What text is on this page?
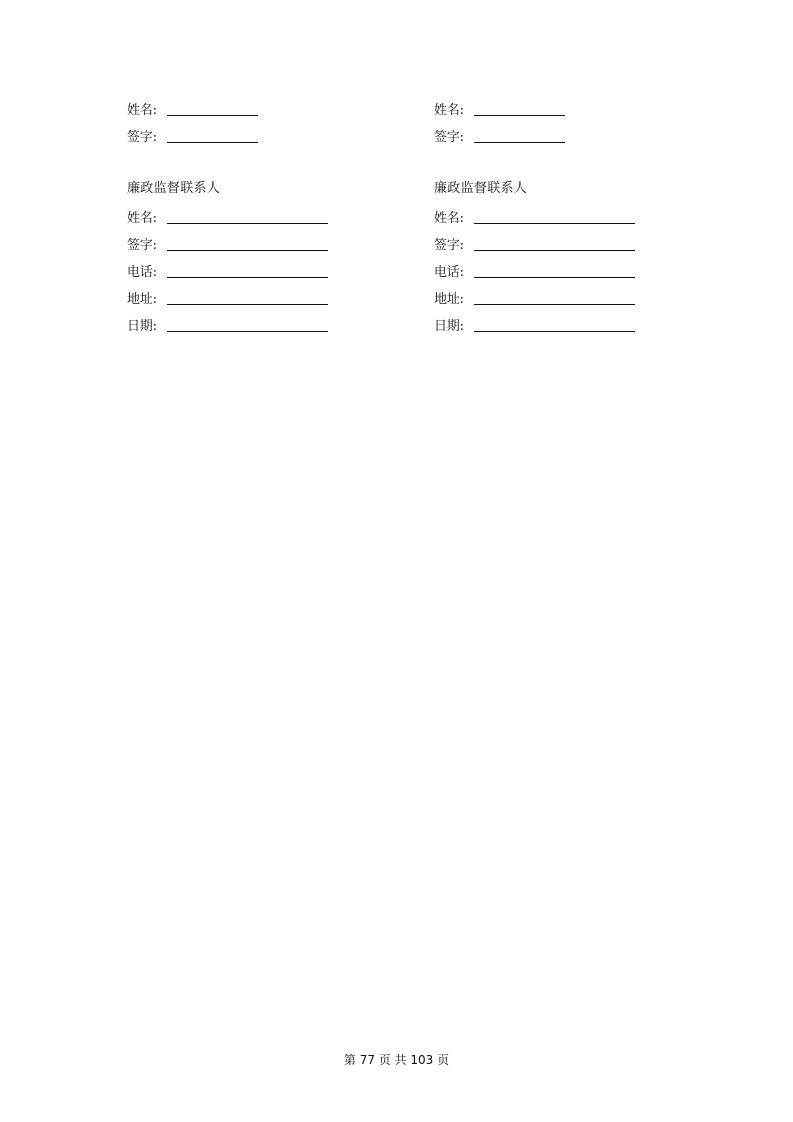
姓名:
签字:
廉政监督联系人
姓名:
签字:
电话:
地址:
日期:
姓名:
签字:
廉政监督联系人
姓名:
签字:
电话:
地址:
日期:
第 77 页 共 103 页
